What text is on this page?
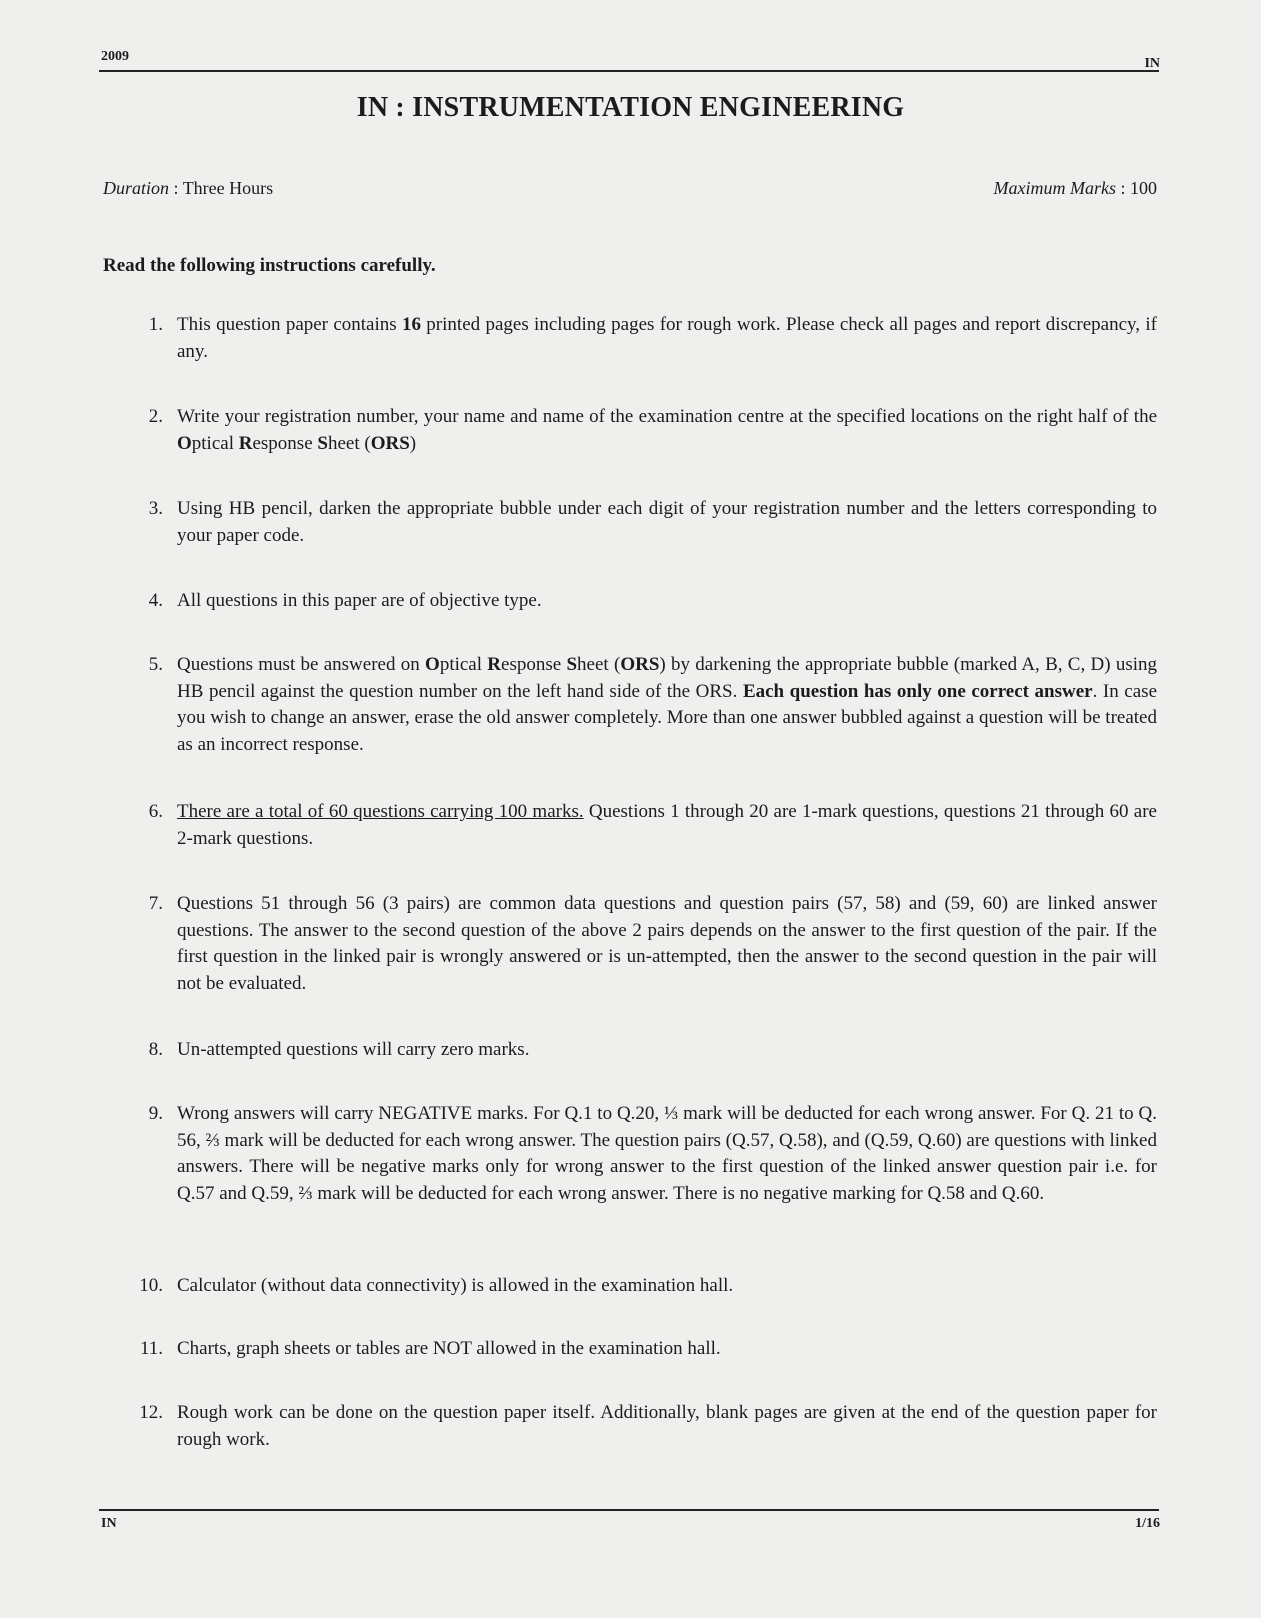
2009	IN
IN : INSTRUMENTATION ENGINEERING
Duration : Three Hours	Maximum Marks : 100
Read the following instructions carefully.
1. This question paper contains 16 printed pages including pages for rough work. Please check all pages and report discrepancy, if any.
2. Write your registration number, your name and name of the examination centre at the specified locations on the right half of the Optical Response Sheet (ORS)
3. Using HB pencil, darken the appropriate bubble under each digit of your registration number and the letters corresponding to your paper code.
4. All questions in this paper are of objective type.
5. Questions must be answered on Optical Response Sheet (ORS) by darkening the appropriate bubble (marked A, B, C, D) using HB pencil against the question number on the left hand side of the ORS. Each question has only one correct answer. In case you wish to change an answer, erase the old answer completely. More than one answer bubbled against a question will be treated as an incorrect response.
6. There are a total of 60 questions carrying 100 marks. Questions 1 through 20 are 1-mark questions, questions 21 through 60 are 2-mark questions.
7. Questions 51 through 56 (3 pairs) are common data questions and question pairs (57, 58) and (59, 60) are linked answer questions. The answer to the second question of the above 2 pairs depends on the answer to the first question of the pair. If the first question in the linked pair is wrongly answered or is un-attempted, then the answer to the second question in the pair will not be evaluated.
8. Un-attempted questions will carry zero marks.
9. Wrong answers will carry NEGATIVE marks. For Q.1 to Q.20, ⅓ mark will be deducted for each wrong answer. For Q. 21 to Q. 56, ⅔ mark will be deducted for each wrong answer. The question pairs (Q.57, Q.58), and (Q.59, Q.60) are questions with linked answers. There will be negative marks only for wrong answer to the first question of the linked answer question pair i.e. for Q.57 and Q.59, ⅔ mark will be deducted for each wrong answer. There is no negative marking for Q.58 and Q.60.
10. Calculator (without data connectivity) is allowed in the examination hall.
11. Charts, graph sheets or tables are NOT allowed in the examination hall.
12. Rough work can be done on the question paper itself. Additionally, blank pages are given at the end of the question paper for rough work.
IN	1/16
